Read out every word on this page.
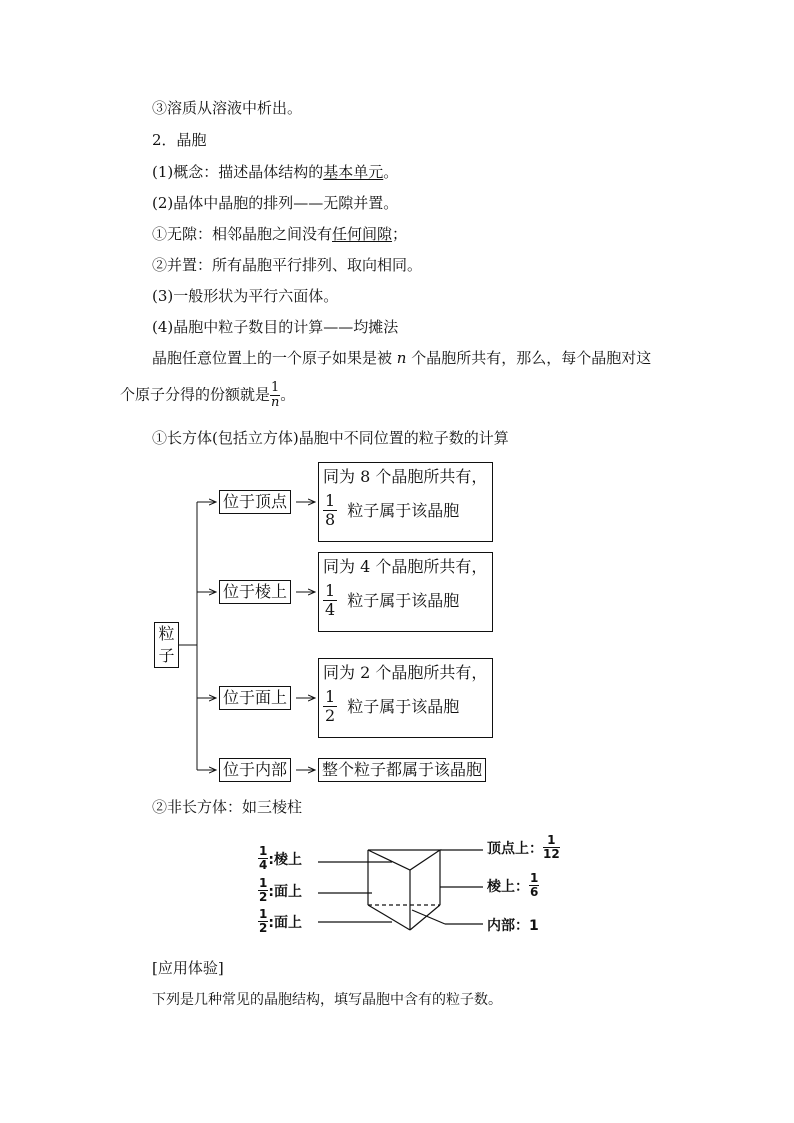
③溶质从溶液中析出。
2．晶胞
(1)概念：描述晶体结构的基本单元。
(2)晶体中晶胞的排列——无隙并置。
①无隙：相邻晶胞之间没有任何间隙；
②并置：所有晶胞平行排列、取向相同。
(3)一般形状为平行六面体。
(4)晶胞中粒子数目的计算——均摊法
晶胞任意位置上的一个原子如果是被 n 个晶胞所共有，那么，每个晶胞对这
个原子分得的份额就是 $\frac{1}{n}$ 。
①长方体(包括立方体)晶胞中不同位置的粒子数的计算
粒子
位于顶点
位于棱上
位于面上
位于内部
同为 8 个晶胞所共有，
$\frac{1}{8}$ 粒子属于该晶胞
同为 4 个晶胞所共有，
$\frac{1}{4}$ 粒子属于该晶胞
同为 2 个晶胞所共有，
$\frac{1}{2}$ 粒子属于该晶胞
整个粒子都属于该晶胞
②非长方体：如三棱柱
$\frac{1}{4}$ :棱上
$\frac{1}{2}$ :面上
$\frac{1}{2}$ :面上
顶点上： $\frac{1}{12}$
棱上： $\frac{1}{6}$
内部：1
[应用体验]
下列是几种常见的晶胞结构，填写晶胞中含有的粒子数。
